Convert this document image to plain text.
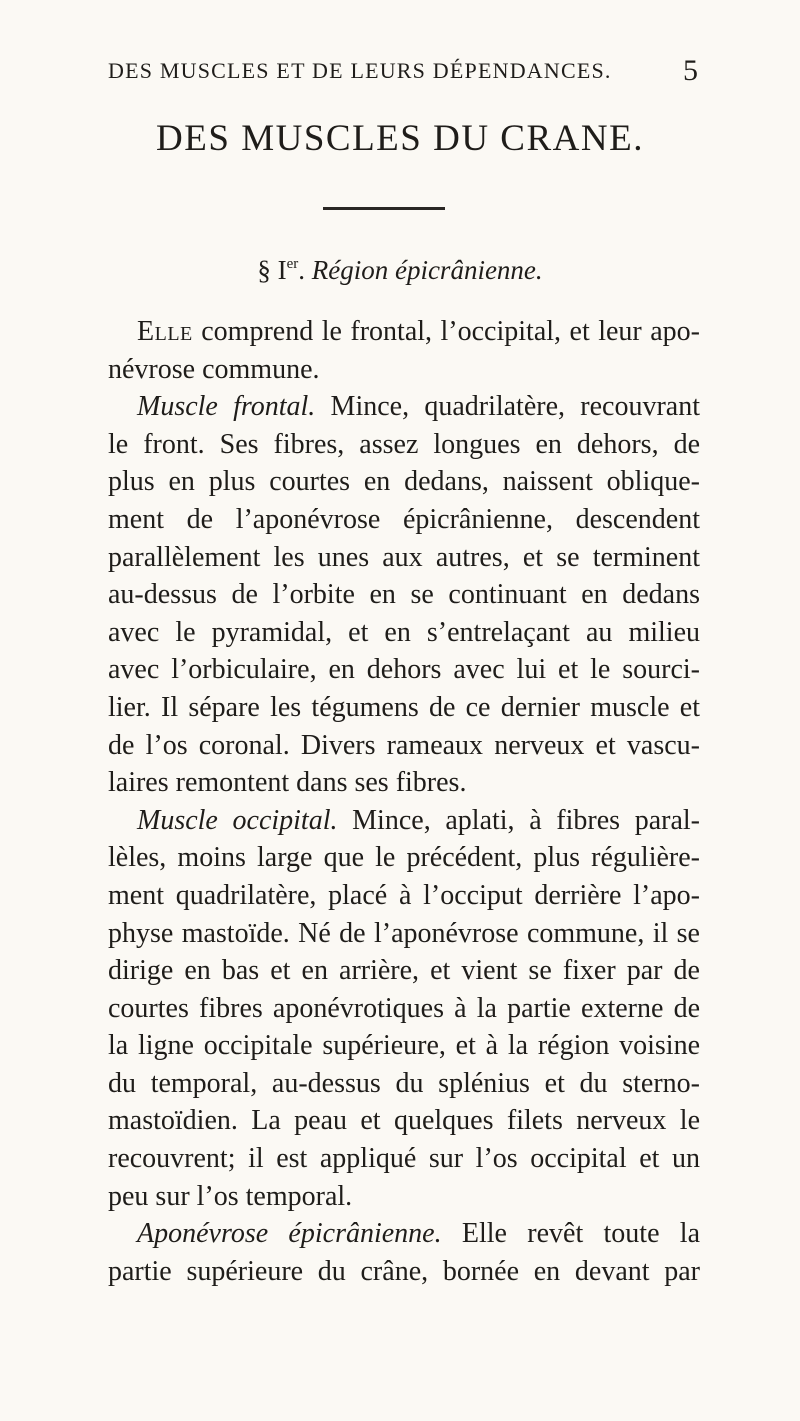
DES MUSCLES ET DE LEURS DÉPENDANCES. 5
DES MUSCLES DU CRANE.
§ Ier. Région épicrânienne.
Elle comprend le frontal, l’occipital, et leur apo-
névrose commune.
Muscle frontal. Mince, quadrilatère, recouvrant
le front. Ses fibres, assez longues en dehors, de
plus en plus courtes en dedans, naissent oblique-
ment de l’aponévrose épicrânienne, descendent
parallèlement les unes aux autres, et se terminent
au-dessus de l’orbite en se continuant en dedans
avec le pyramidal, et en s’entrelaçant au milieu
avec l’orbiculaire, en dehors avec lui et le sourci-
lier. Il sépare les tégumens de ce dernier muscle et
de l’os coronal. Divers rameaux nerveux et vascu-
laires remontent dans ses fibres.
Muscle occipital. Mince, aplati, à fibres paral-
lèles, moins large que le précédent, plus régulière-
ment quadrilatère, placé à l’occiput derrière l’apo-
physe mastoïde. Né de l’aponévrose commune, il se
dirige en bas et en arrière, et vient se fixer par de
courtes fibres aponévrotiques à la partie externe de
la ligne occipitale supérieure, et à la région voisine
du temporal, au-dessus du splénius et du sterno-
mastoïdien. La peau et quelques filets nerveux le
recouvrent; il est appliqué sur l’os occipital et un
peu sur l’os temporal.
Aponévrose épicrânienne. Elle revêt toute la
partie supérieure du crâne, bornée en devant par
